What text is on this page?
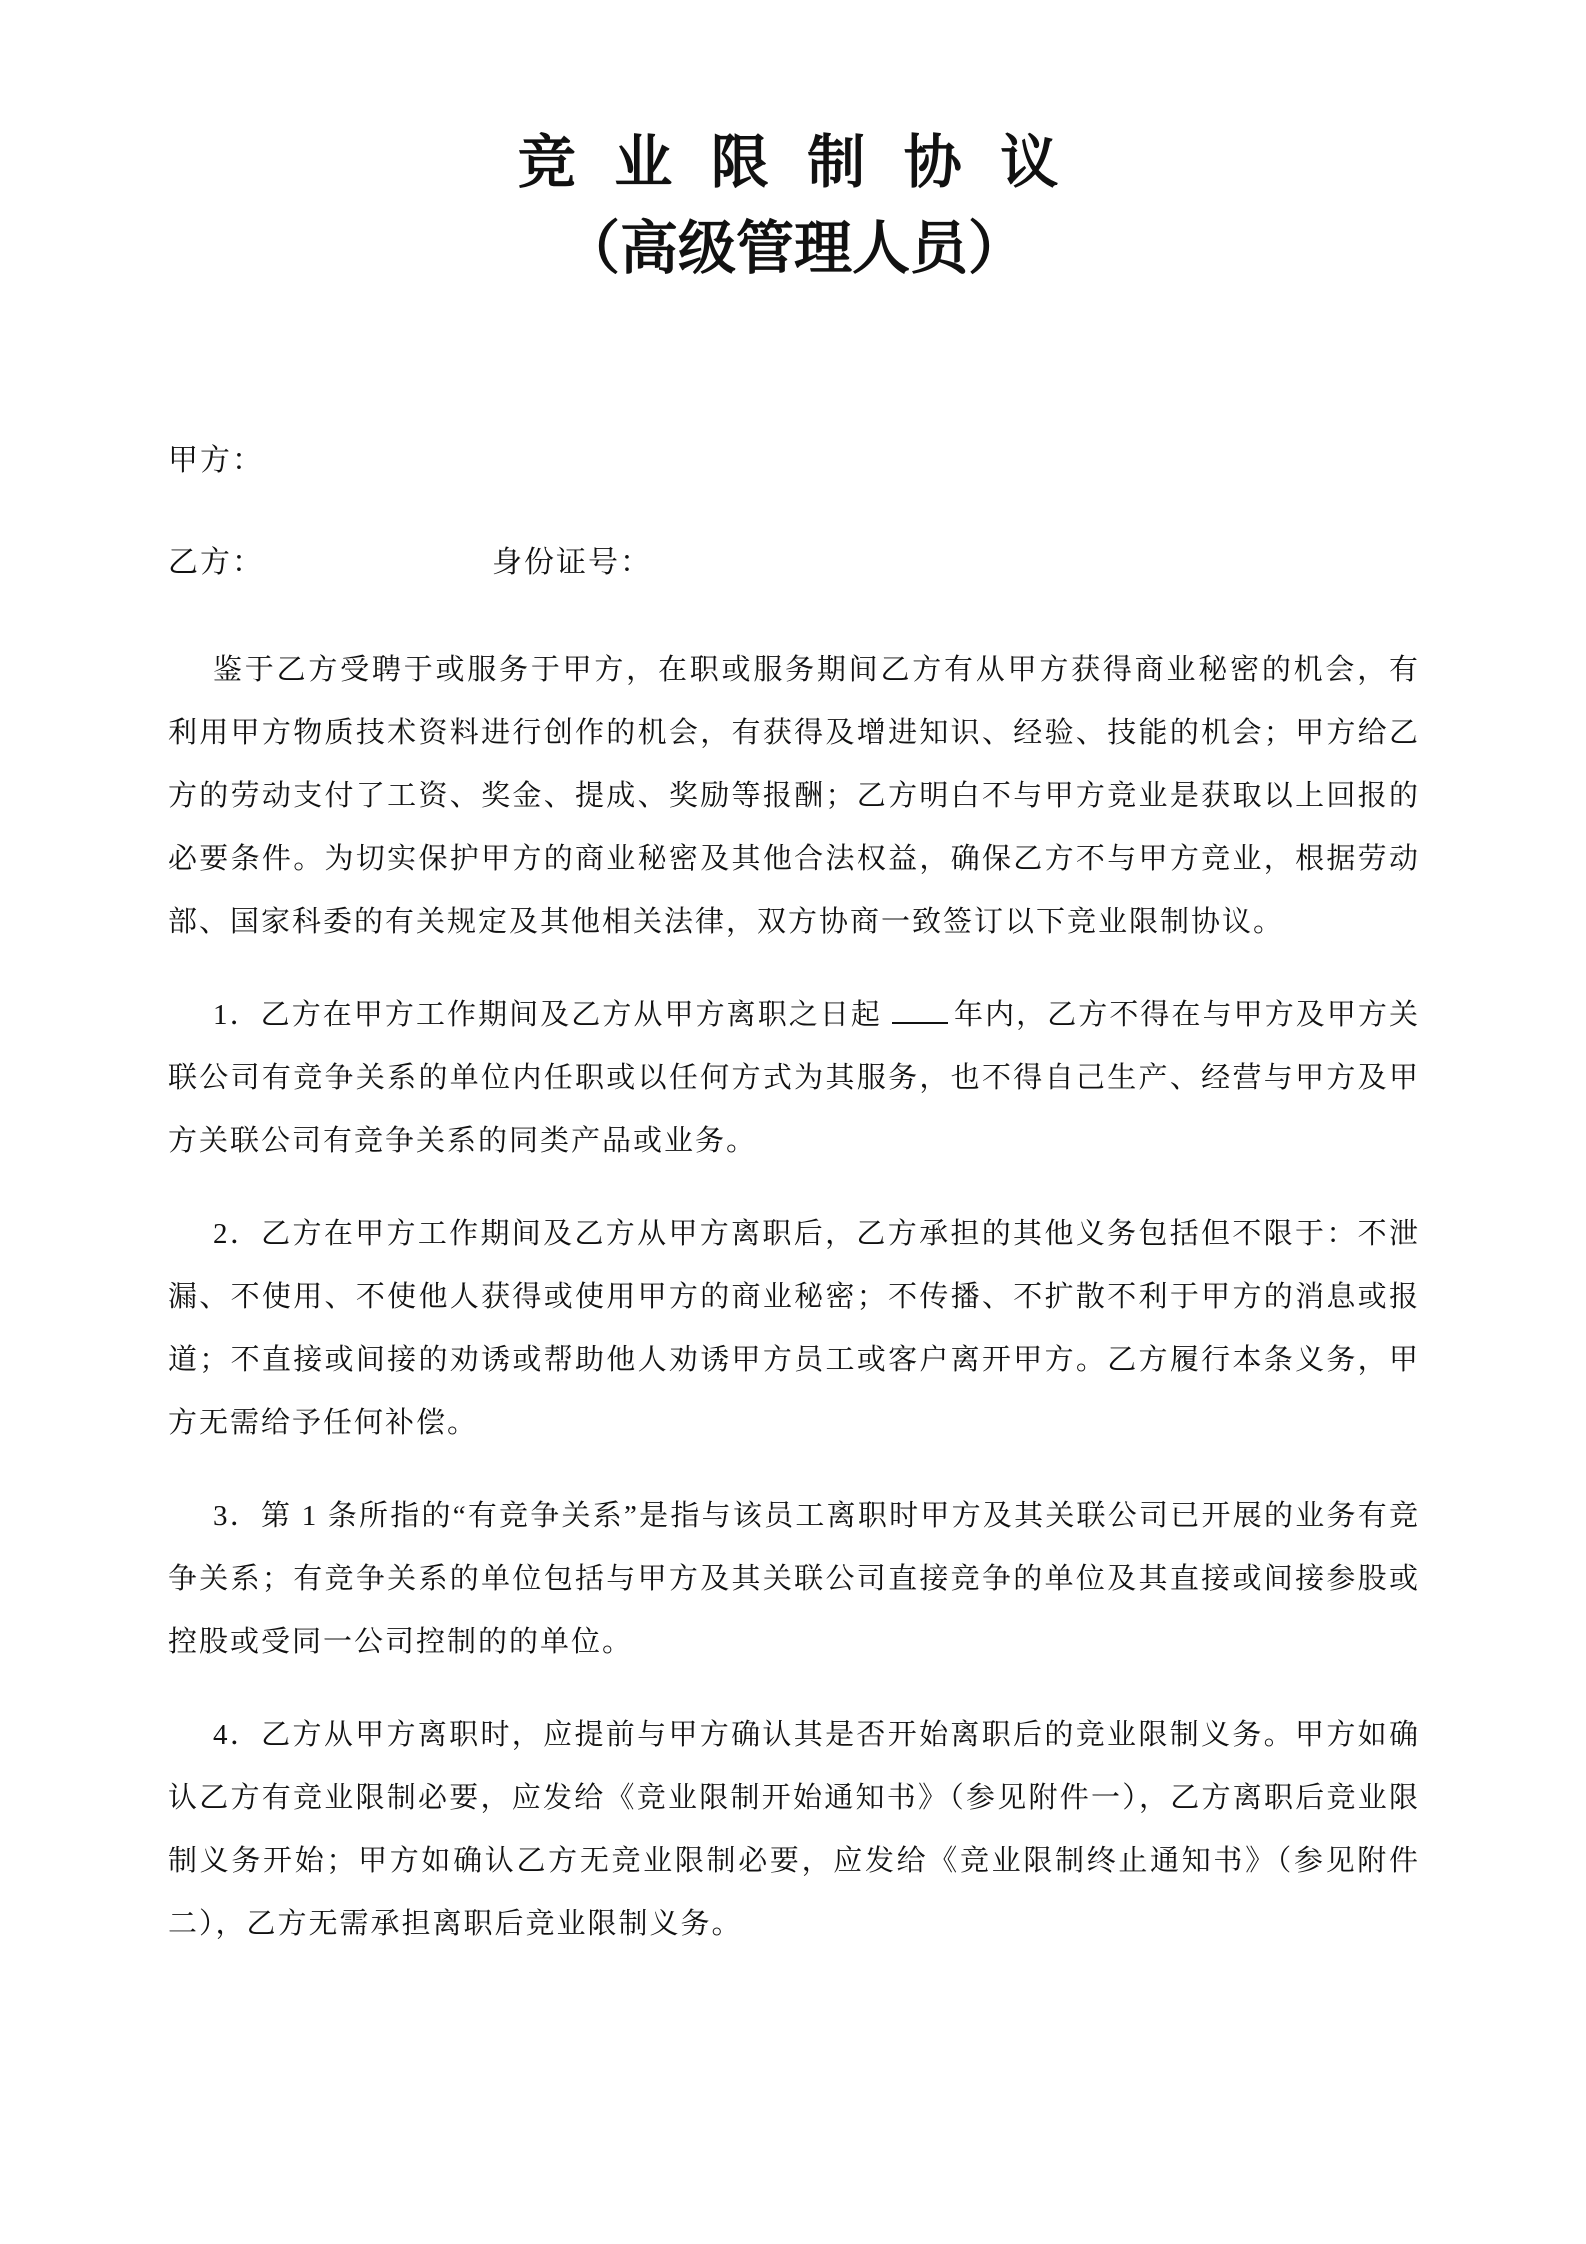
竞 业 限 制 协 议
（高级管理人员）
甲方：
乙方：	身份证号：
鉴于乙方受聘于或服务于甲方，在职或服务期间乙方有从甲方获得商业秘密的机会，有利用甲方物质技术资料进行创作的机会，有获得及增进知识、经验、技能的机会；甲方给乙方的劳动支付了工资、奖金、提成、奖励等报酬；乙方明白不与甲方竞业是获取以上回报的必要条件。为切实保护甲方的商业秘密及其他合法权益，确保乙方不与甲方竞业，根据劳动部、国家科委的有关规定及其他相关法律，双方协商一致签订以下竞业限制协议。
1．乙方在甲方工作期间及乙方从甲方离职之日起 年内，乙方不得在与甲方及甲方关联公司有竞争关系的单位内任职或以任何方式为其服务，也不得自己生产、经营与甲方及甲方关联公司有竞争关系的同类产品或业务。
2．乙方在甲方工作期间及乙方从甲方离职后，乙方承担的其他义务包括但不限于：不泄漏、不使用、不使他人获得或使用甲方的商业秘密；不传播、不扩散不利于甲方的消息或报道；不直接或间接的劝诱或帮助他人劝诱甲方员工或客户离开甲方。乙方履行本条义务，甲方无需给予任何补偿。
3．第 1 条所指的“有竞争关系”是指与该员工离职时甲方及其关联公司已开展的业务有竞争关系；有竞争关系的单位包括与甲方及其关联公司直接竞争的单位及其直接或间接参股或控股或受同一公司控制的的单位。
4．乙方从甲方离职时，应提前与甲方确认其是否开始离职后的竞业限制义务。甲方如确认乙方有竞业限制必要，应发给《竞业限制开始通知书》（参见附件一），乙方离职后竞业限制义务开始；甲方如确认乙方无竞业限制必要，应发给《竞业限制终止通知书》（参见附件二），乙方无需承担离职后竞业限制义务。
